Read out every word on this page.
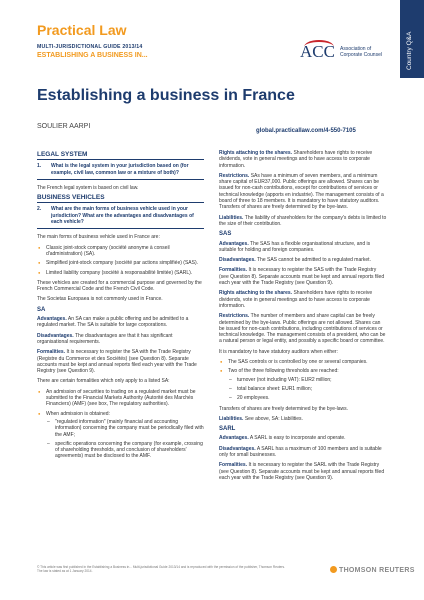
Country Q&A
Practical Law
MULTI-JURISDICTIONAL GUIDE 2013/14
ESTABLISHING A BUSINESS IN...	ACC Association of Corporate Counsel
Establishing a business in France
SOULIER AARPI
global.practicallaw.com/4-550-7105
LEGAL SYSTEM
1.	What is the legal system in your jurisdiction based on (for example, civil law, common law or a mixture of both)?

The French legal system is based on civil law.

BUSINESS VEHICLES
2.	What are the main forms of business vehicle used in your jurisdiction? What are the advantages and disadvantages of each vehicle?

The main forms of business vehicle used in France are:

● Classic joint-stock company (société anonyme à conseil d'administration) (SA).
● Simplified joint-stock company (société par actions simplifiée) (SAS).
● Limited liability company (société à responsabilité limitée) (SARL).

These vehicles are created for a commercial purpose and governed by the French Commercial Code and the French Civil Code.

The Societas Europaea is not commonly used in France.

SA

Advantages. An SA can make a public offering and be admitted to a regulated market. The SA is suitable for large corporations.

Disadvantages. The disadvantages are that it has significant organisational requirements.

Formalities. It is necessary to register the SA with the Trade Registry (Registre du Commerce et des Sociétés) (see Question 8). Separate accounts must be kept and annual reports filed each year with the Trade Registry (see Question 9).

There are certain formalities which only apply to a listed SA:

● An admission of securities to trading on a regulated market must be submitted to the Financial Markets Authority (Autorité des Marchés Financiers) (AMF) (see box, The regulatory authorities).
● When admission is obtained:
– "regulated information" (mainly financial and accounting information) concerning the company must be periodically filed with the AMF;
– specific operations concerning the company (for example, crossing of shareholding thresholds, and conclusion of shareholders' agreements) must be disclosed to the AMF.

Rights attaching to the shares. Shareholders have rights to receive dividends, vote in general meetings and to have access to corporate information.

Restrictions. SAs have a minimum of seven members, and a minimum share capital of EUR37,000. Public offerings are allowed. Shares can be issued for non-cash contributions, except for contributions of services or technical knowledge (apports en industrie). The management consists of a board of three to 18 members. It is mandatory to have statutory auditors. Transfers of shares are freely determined by the bye-laws.

Liabilities. The liability of shareholders for the company's debts is limited to the size of their contribution.

SAS

Advantages. The SAS has a flexible organisational structure, and is suitable for holding and foreign companies.

Disadvantages. The SAS cannot be admitted to a regulated market.

Formalities. It is necessary to register the SAS with the Trade Registry (see Question 8). Separate accounts must be kept and annual reports filed each year with the Trade Registry (see Question 9).

Rights attaching to the shares. Shareholders have rights to receive dividends, vote in general meetings and to have access to corporate information.

Restrictions. The number of members and share capital can be freely determined by the bye-laws. Public offerings are not allowed. Shares can be issued for non-cash contributions, including contributions of services or technical knowledge. The management consists of a president, who can be a natural person or legal entity, and possibly a specific board or committee.

It is mandatory to have statutory auditors when either:

● The SAS controls or is controlled by one or several companies.
● Two of the three following thresholds are reached:
– turnover (not including VAT): EUR2 million;
– total balance sheet: EUR1 million;
– 20 employees.

Transfers of shares are freely determined by the bye-laws.

Liabilities. See above, SA: Liabilities.

SARL

Advantages. A SARL is easy to incorporate and operate.

Disadvantages. A SARL has a maximum of 100 members and is suitable only for small businesses.

Formalities. It is necessary to register the SARL with the Trade Registry (see Question 8). Separate accounts must be kept and annual reports filed each year with the Trade Registry (see Question 9).

© This article was first published in the Establishing a Business in... Multi-jurisdictional Guide 2013/14 and is reproduced with the permission of the publisher, Thomson Reuters. The law is stated as at 1 January 2014.	THOMSON REUTERS
